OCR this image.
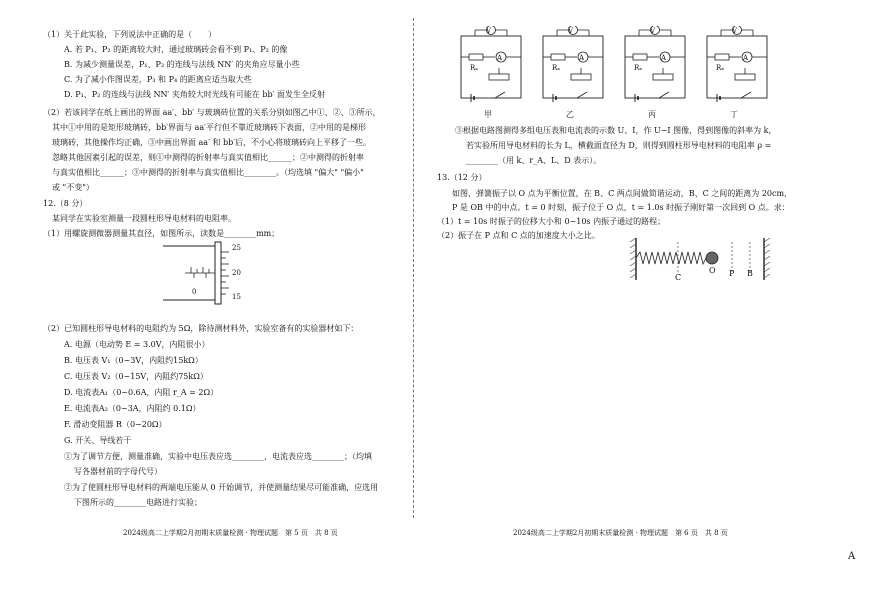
（1）关于此实验，下列说法中正确的是（　　）
A. 若 P₁、P₂ 的距离较大时，通过玻璃砖会看不到 P₁、P₂ 的像
B. 为减少测量误差，P₁、P₂ 的连线与法线 NN′ 的夹角应尽量小些
C. 为了减小作图误差，P₃ 和 P₄ 的距离应适当取大些
D. P₁、P₂ 的连线与法线 NN′ 夹角较大时光线有可能在 bb′ 面发生全反射
（2）若该同学在纸上画出的界面 aa′、bb′ 与玻璃砖位置的关系分别如图乙中①、②、③所示，
其中①中用的是矩形玻璃砖，bb′界面与 aa′平行但不靠近玻璃砖下表面，②中用的是梯形
玻璃砖，其他操作均正确，③中画出界面 aa′ 和 bb′后，不小心将玻璃砖向上平移了一些。
忽略其他因素引起的误差，则①中测得的折射率与真实值相比______；②中测得的折射率
与真实值相比______；③中测得的折射率与真实值相比________。（均选填 "偏大" "偏小"
或 "不变"）
12.（8 分）
某同学在实验室测量一段圆柱形导电材料的电阻率。
（1）用螺旋测微器测量其直径，如图所示，读数是________mm；
25
20
15
0
（2）已知圆柱形导电材料的电阻约为 5Ω，除待测材料外，实验室备有的实验器材如下：
A. 电源（电动势 E = 3.0V，内阻很小）
B. 电压表 V₁（0~3V，内阻约15kΩ）
C. 电压表 V₂（0~15V，内阻约75kΩ）
D. 电流表A₁（0~0.6A，内阻 r_A = 2Ω）
E. 电流表A₂（0~3A，内阻约 0.1Ω）
F. 滑动变阻器 R（0~20Ω）
G. 开关、导线若干
①为了调节方便，测量准确，实验中电压表应选________，电流表应选________；（均填
写各器材前的字母代号）
②为了使圆柱形导电材料的两端电压能从 0 开始调节，并使测量结果尽可能准确，应选用
下图所示的________电路进行实验；
2024级高二上学期2月初期末质量检测 · 物理试题　第 5 页　共 8 页
V	V	V	V
A	A	A	A
Rₓ	Rₓ	Rₓ	Rₓ
甲	乙	丙	丁
③根据电路图测得多组电压表和电流表的示数 U、I，作 U−I 图像，得到图像的斜率为 k，
若实验所用导电材料的长为 L，横截面直径为 D，则得到圆柱形导电材料的电阻率 ρ =
________（用 k、r_A、L、D 表示）。
13.（12 分）
如图，弹簧振子以 O 点为平衡位置，在 B、C 两点间做简谐运动，B、C 之间的距离为 20cm，
P 是 OB 中的中点。t = 0 时刻，振子位于 O 点，t = 1.0s 时振子刚好第一次回到 O 点。求：
（1）t = 10s 时振子的位移大小和 0~10s 内振子通过的路程；
（2）振子在 P 点和 C 点的加速度大小之比。
C
O P B
2024级高二上学期2月初期末质量检测 · 物理试题　第 6 页　共 8 页
A
